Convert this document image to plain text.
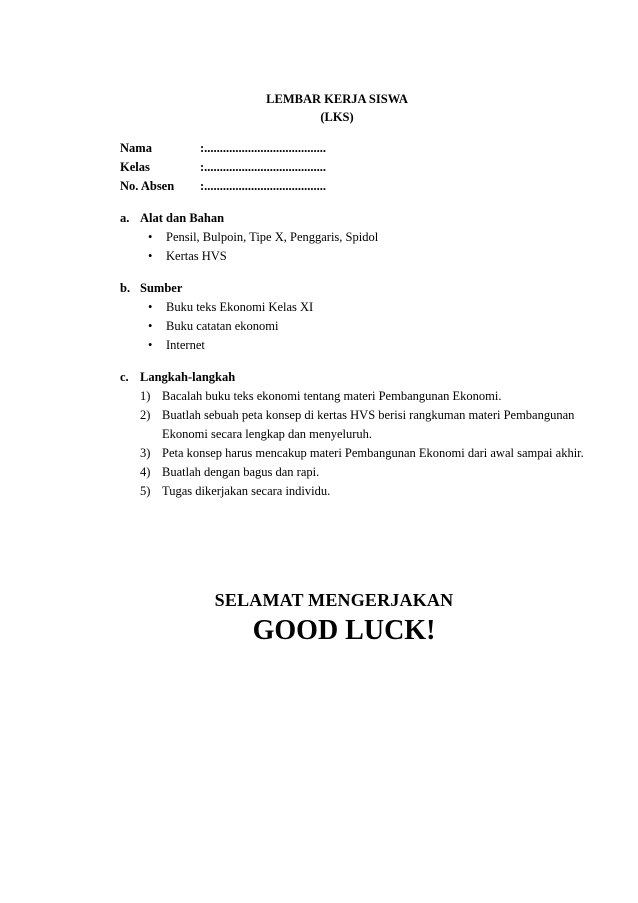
LEMBAR KERJA SISWA
(LKS)
Nama	:.......................................
Kelas	:.......................................
No. Absen	:.......................................
a. Alat dan Bahan
• Pensil, Bulpoin, Tipe X, Penggaris, Spidol
• Kertas HVS
b. Sumber
• Buku teks Ekonomi Kelas XI
• Buku catatan ekonomi
• Internet
c. Langkah-langkah
1) Bacalah buku teks ekonomi tentang materi Pembangunan Ekonomi.
2) Buatlah sebuah peta konsep di kertas HVS berisi rangkuman materi Pembangunan Ekonomi secara lengkap dan menyeluruh.
3) Peta konsep harus mencakup materi Pembangunan Ekonomi dari awal sampai akhir.
4) Buatlah dengan bagus dan rapi.
5) Tugas dikerjakan secara individu.
SELAMAT MENGERJAKAN
GOOD LUCK!
